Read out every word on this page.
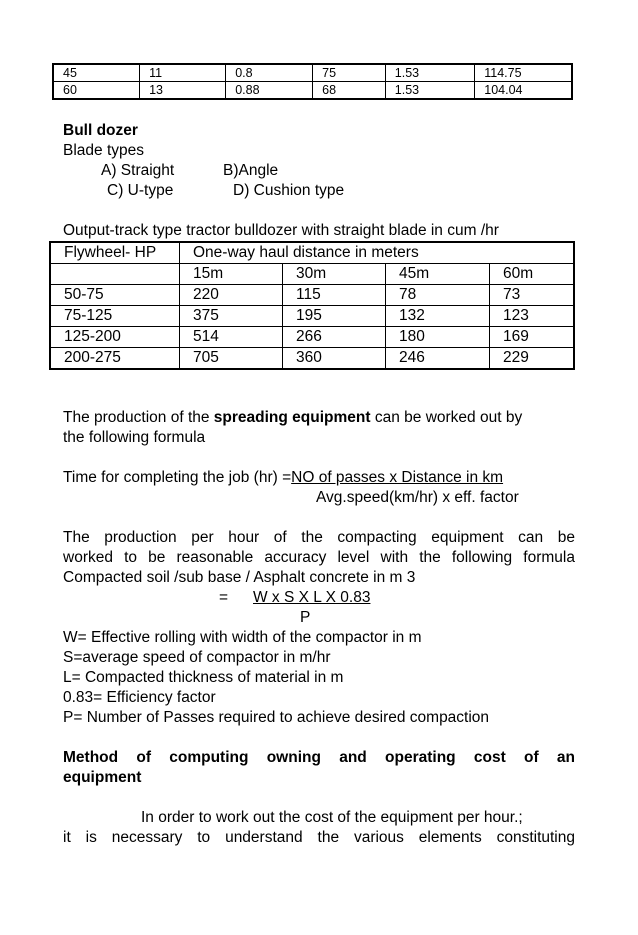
45	11	0.8	75	1.53	114.75
60	13	0.88	68	1.53	104.04
Bull dozer
Blade types
A) Straight	B)Angle
C) U-type	D) Cushion type
Output-track type tractor bulldozer with straight blade in cum /hr
Flywheel- HP	One-way haul distance in meters			
	15m	30m	45m	60m
50-75	220	115	78	73
75-125	375	195	132	123
125-200	514	266	180	169
200-275	705	360	246	229
The production of the spreading equipment can be worked out by
the following formula
Time for completing the job (hr) =NO of passes x Distance in km
Avg.speed(km/hr) x eff. factor
The production per hour of the compacting equipment can be
worked to be reasonable accuracy level with the following formula
Compacted soil /sub base / Asphalt concrete in m 3
= W x S X L X 0.83
P
W= Effective rolling with width of the compactor in m
S=average speed of compactor in m/hr
L= Compacted thickness of material in m
0.83= Efficiency factor
P= Number of Passes required to achieve desired compaction
Method of computing owning and operating cost of an
equipment
In order to work out the cost of the equipment per hour.;
it is necessary to understand the various elements constituting
